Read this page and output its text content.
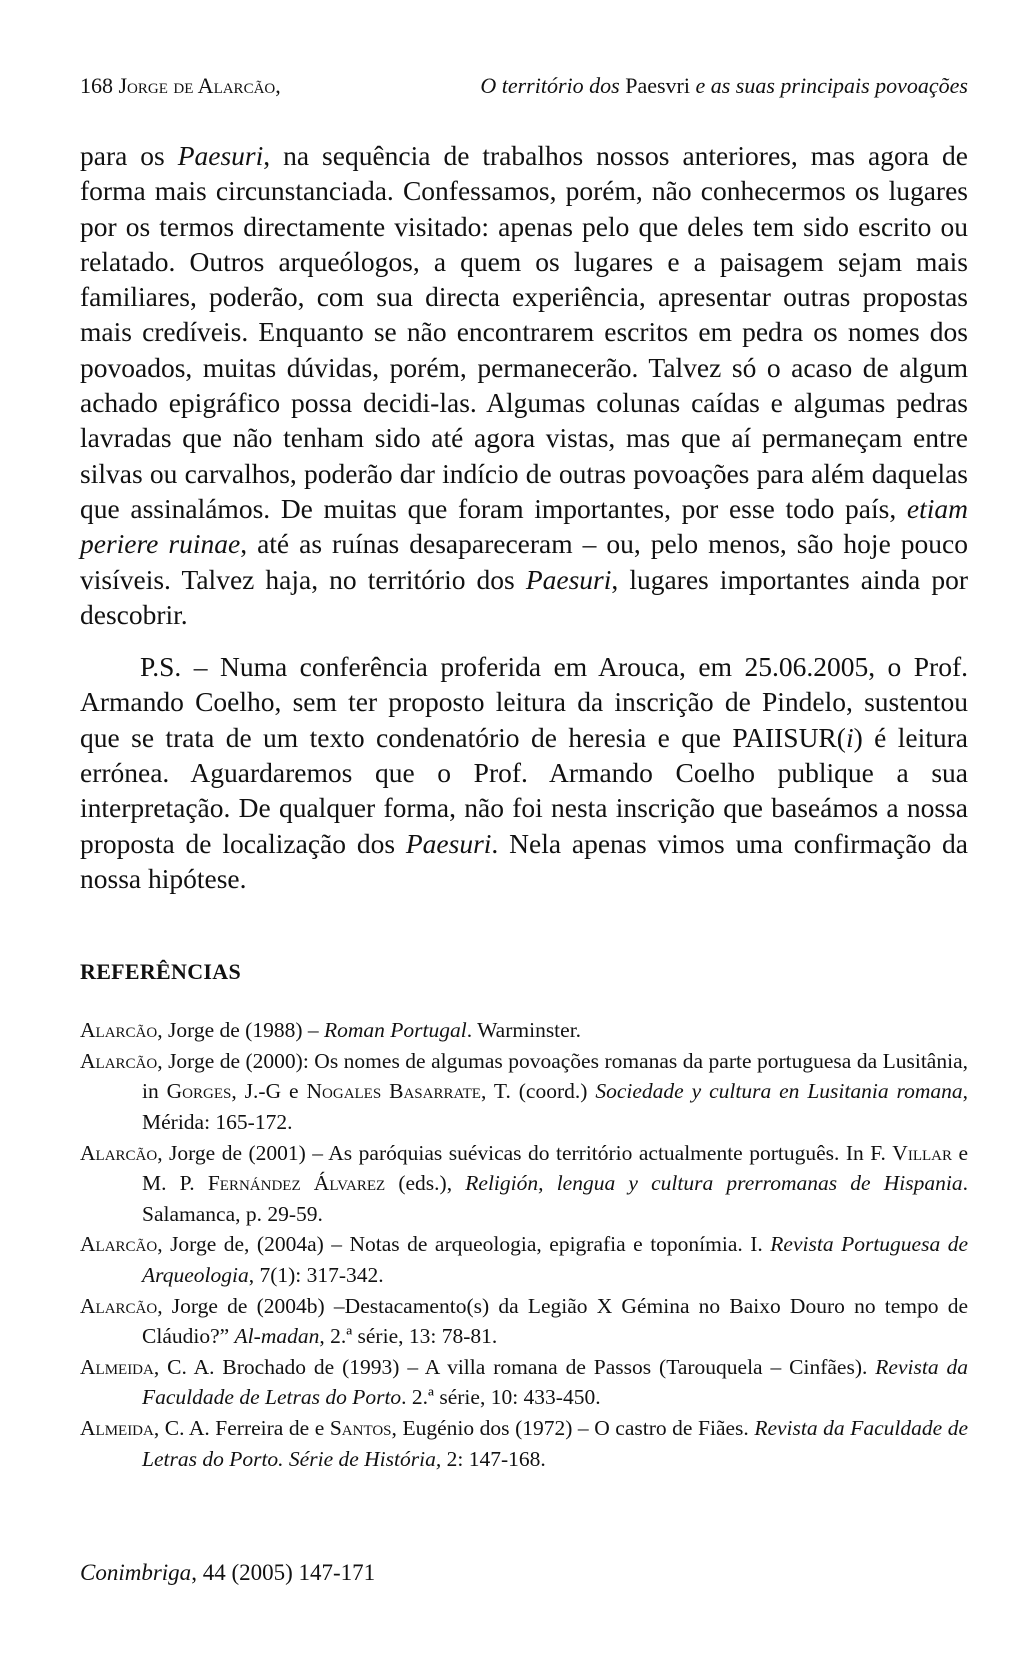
168 Jorge de Alarcão,	O território dos Paesvri e as suas principais povoações

para os Paesuri, na sequência de trabalhos nossos anteriores, mas agora de forma mais circunstanciada. Confessamos, porém, não conhecermos os lugares por os termos directamente visitado: apenas pelo que deles tem sido escrito ou relatado. Outros arqueólogos, a quem os lugares e a paisagem sejam mais familiares, poderão, com sua directa experiência, apresentar outras propostas mais credíveis. Enquanto se não encontrarem escritos em pedra os nomes dos povoados, muitas dúvidas, porém, permanecerão. Talvez só o acaso de algum achado epigráfico possa decidi-las. Algumas colunas caídas e algumas pedras lavradas que não tenham sido até agora vistas, mas que aí permaneçam entre silvas ou carvalhos, poderão dar indício de outras povoações para além daquelas que assinalámos. De muitas que foram importantes, por esse todo país, etiam periere ruinae, até as ruínas desapareceram – ou, pelo menos, são hoje pouco visíveis. Talvez haja, no território dos Paesuri, lugares importantes ainda por descobrir.

P.S. – Numa conferência proferida em Arouca, em 25.06.2005, o Prof. Armando Coelho, sem ter proposto leitura da inscrição de Pindelo, sustentou que se trata de um texto condenatório de heresia e que PAIISUR(i) é leitura errónea. Aguardaremos que o Prof. Armando Coelho publique a sua interpretação. De qualquer forma, não foi nesta inscrição que baseámos a nossa proposta de localização dos Paesuri. Nela apenas vimos uma confirmação da nossa hipótese.

REFERÊNCIAS

Alarcão, Jorge de (1988) – Roman Portugal. Warminster.

Alarcão, Jorge de (2000): Os nomes de algumas povoações romanas da parte portuguesa da Lusitânia, in Gorges, J.-G e Nogales Basarrate, T. (coord.) Sociedade y cultura en Lusitania romana, Mérida: 165-172.

Alarcão, Jorge de (2001) – As paróquias suévicas do território actualmente português. In F. Villar e M. P. Fernández Álvarez (eds.), Religión, lengua y cultura prerromanas de Hispania. Salamanca, p. 29-59.

Alarcão, Jorge de, (2004a) – Notas de arqueologia, epigrafia e toponímia. I. Revista Portuguesa de Arqueologia, 7(1): 317-342.

Alarcão, Jorge de (2004b) –Destacamento(s) da Legião X Gémina no Baixo Douro no tempo de Cláudio?” Al-madan, 2.ª série, 13: 78-81.

Almeida, C. A. Brochado de (1993) – A villa romana de Passos (Tarouquela – Cinfães). Revista da Faculdade de Letras do Porto. 2.ª série, 10: 433-450.

Almeida, C. A. Ferreira de e Santos, Eugénio dos (1972) – O castro de Fiães. Revista da Faculdade de Letras do Porto. Série de História, 2: 147-168.

Conimbriga, 44 (2005) 147-171
